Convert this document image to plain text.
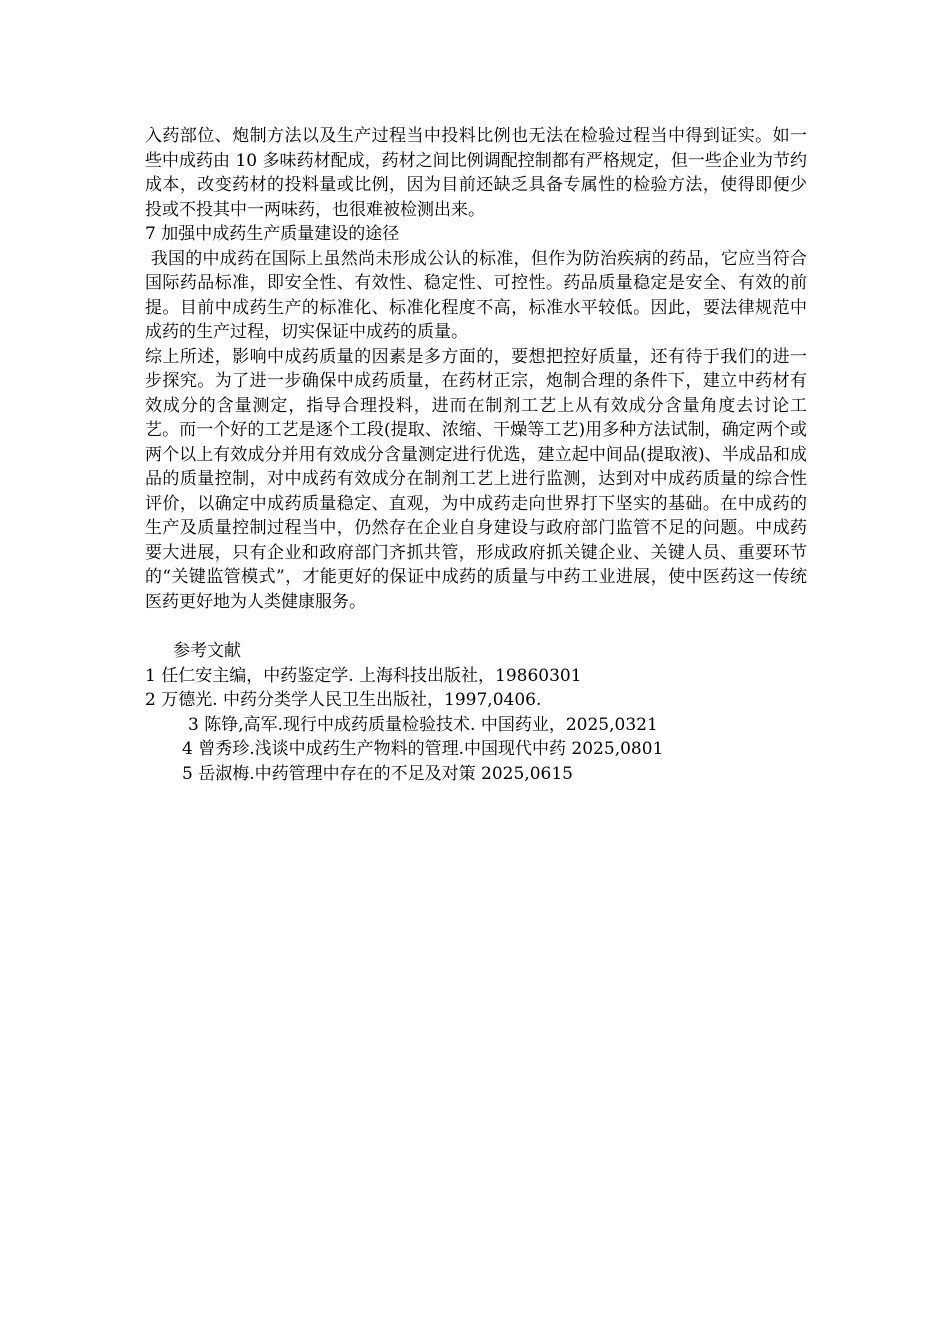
入药部位、炮制方法以及生产过程当中投料比例也无法在检验过程当中得到证实。如一些中成药由 10 多味药材配成，药材之间比例调配控制都有严格规定，但一些企业为节约成本，改变药材的投料量或比例，因为目前还缺乏具备专属性的检验方法，使得即便少投或不投其中一两味药，也很难被检测出来。

7 加强中成药生产质量建设的途径

我国的中成药在国际上虽然尚未形成公认的标准，但作为防治疾病的药品，它应当符合国际药品标准，即安全性、有效性、稳定性、可控性。药品质量稳定是安全、有效的前提。目前中成药生产的标准化、标准化程度不高，标准水平较低。因此，要法律规范中成药的生产过程，切实保证中成药的质量。

综上所述，影响中成药质量的因素是多方面的，要想把控好质量，还有待于我们的进一步探究。为了进一步确保中成药质量，在药材正宗，炮制合理的条件下，建立中药材有效成分的含量测定，指导合理投料，进而在制剂工艺上从有效成分含量角度去讨论工艺。而一个好的工艺是逐个工段(提取、浓缩、干燥等工艺)用多种方法试制，确定两个或两个以上有效成分并用有效成分含量测定进行优选，建立起中间品(提取液)、半成品和成品的质量控制，对中成药有效成分在制剂工艺上进行监测，达到对中成药质量的综合性评价，以确定中成药质量稳定、直观，为中成药走向世界打下坚实的基础。在中成药的生产及质量控制过程当中，仍然存在企业自身建设与政府部门监管不足的问题。中成药要大进展，只有企业和政府部门齐抓共管，形成政府抓关键企业、关键人员、重要环节的“关键监管模式”，才能更好的保证中成药的质量与中药工业进展，使中医药这一传统医药更好地为人类健康服务。

参考文献

1 任仁安主编，中药鉴定学. 上海科技出版社，19860301

2 万德光. 中药分类学人民卫生出版社，1997,0406.

3 陈铮,高军.现行中成药质量检验技术. 中国药业，2025,0321

4 曾秀珍.浅谈中成药生产物料的管理.中国现代中药 2025,0801

5 岳淑梅.中药管理中存在的不足及对策 2025,0615
